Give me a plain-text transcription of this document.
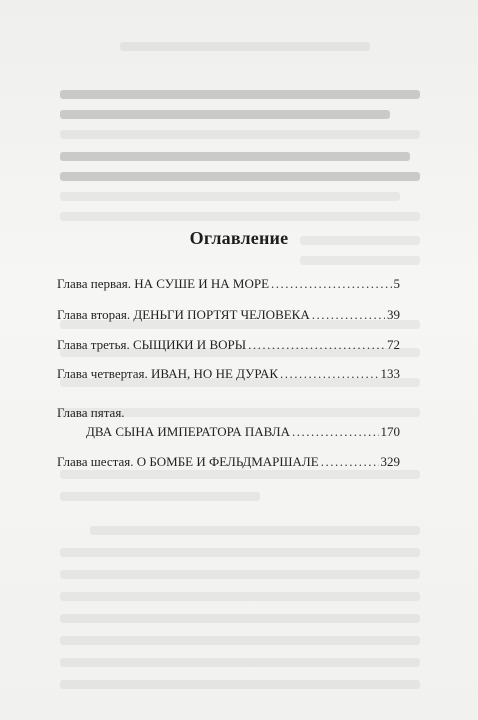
Оглавление
Глава первая. НА СУШЕ И НА МОРЕ .....	5
Глава вторая. ДЕНЬГИ ПОРТЯТ ЧЕЛОВЕКА .....	39
Глава третья. СЫЩИКИ И ВОРЫ .....	72
Глава четвертая. ИВАН, НО НЕ ДУРАК .....	133
Глава пятая.
ДВА СЫНА ИМПЕРАТОРА ПАВЛА .....	170
Глава шестая. О БОМБЕ И ФЕЛЬДМАРШАЛЕ .....	329
